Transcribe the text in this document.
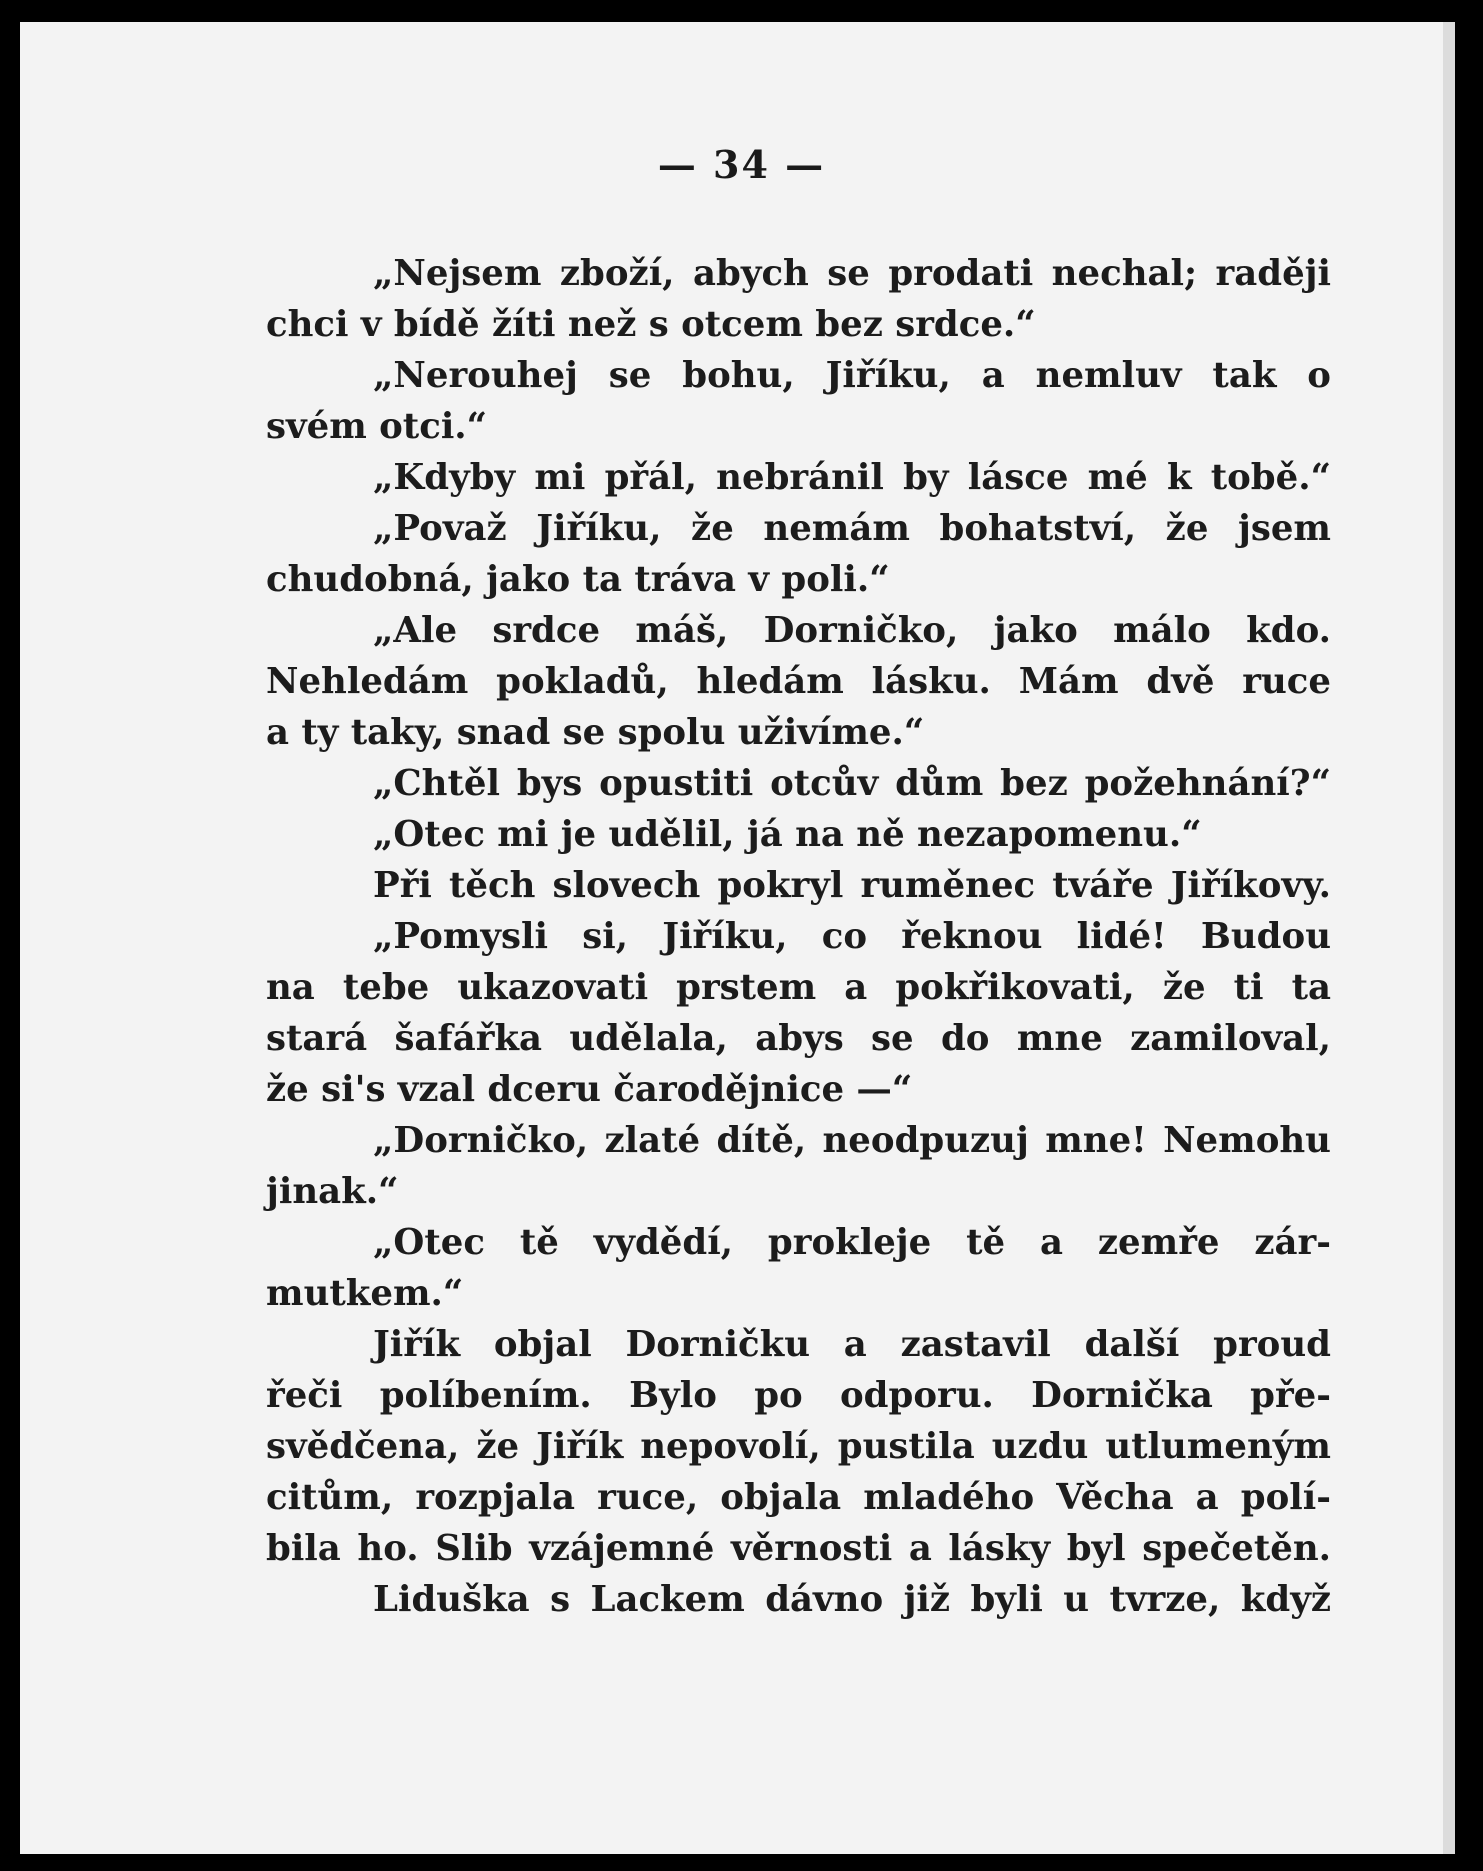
— 34 —
„Nejsem zboží, abych se prodati nechal; raději
chci v bídě žíti než s otcem bez srdce.“
„Nerouhej se bohu, Jiříku, a nemluv tak o
svém otci.“
„Kdyby mi přál, nebránil by lásce mé k tobě.“
„Považ Jiříku, že nemám bohatství, že jsem
chudobná, jako ta tráva v poli.“
„Ale srdce máš, Dorničko, jako málo kdo.
Nehledám pokladů, hledám lásku. Mám dvě ruce
a ty taky, snad se spolu uživíme.“
„Chtěl bys opustiti otcův dům bez požehnání?“
„Otec mi je udělil, já na ně nezapomenu.“
Při těch slovech pokryl ruměnec tváře Jiříkovy.
„Pomysli si, Jiříku, co řeknou lidé! Budou
na tebe ukazovati prstem a pokřikovati, že ti ta
stará šafářka udělala, abys se do mne zamiloval,
že si's vzal dceru čarodějnice —“
„Dorničko, zlaté dítě, neodpuzuj mne! Nemohu
jinak.“
„Otec tě vydědí, prokleje tě a zemře zár-
mutkem.“
Jiřík objal Dorničku a zastavil další proud
řeči políbením. Bylo po odporu. Dornička pře-
svědčena, že Jiřík nepovolí, pustila uzdu utlumeným
citům, rozpjala ruce, objala mladého Věcha a polí-
bila ho. Slib vzájemné věrnosti a lásky byl spečetěn.
Liduška s Lackem dávno již byli u tvrze, když
